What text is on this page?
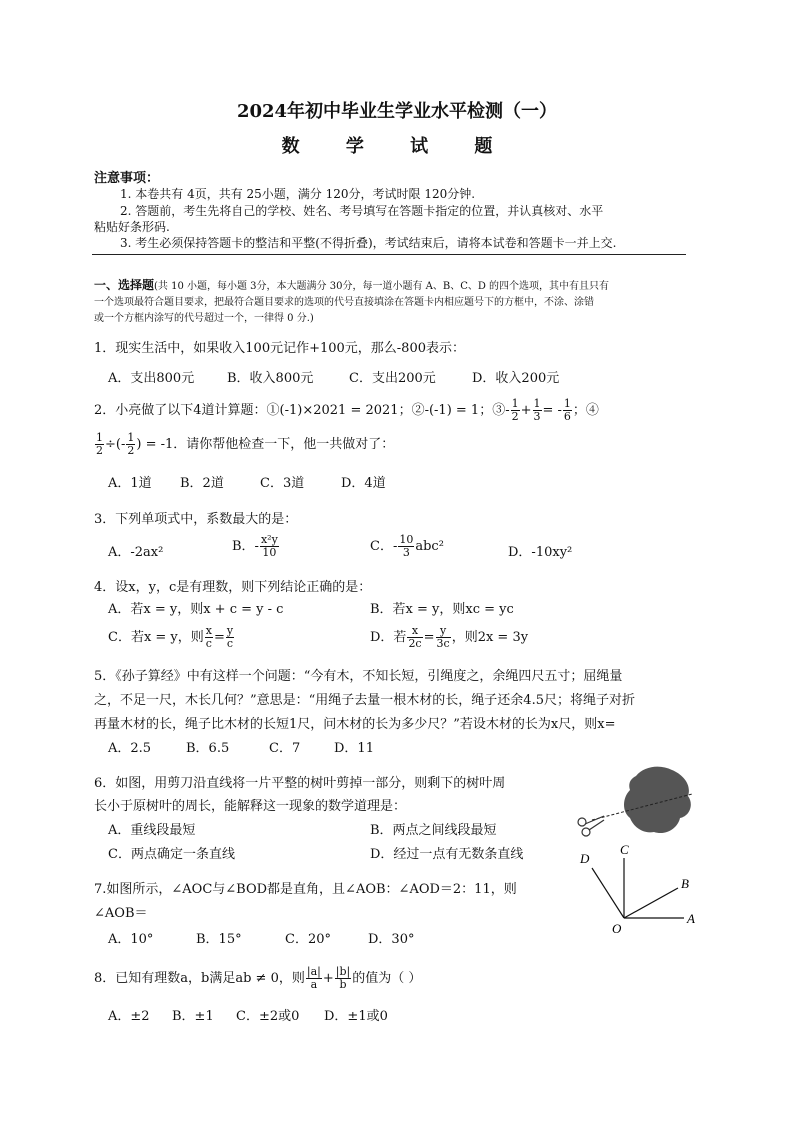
2024年初中毕业生学业水平检测（一）
数 学 试 题
注意事项：
1. 本卷共有 4页，共有 25小题，满分 120分，考试时限 120分钟.
2. 答题前，考生先将自己的学校、姓名、考号填写在答题卡指定的位置，并认真核对、水平
粘贴好条形码.
3. 考生必须保持答题卡的整洁和平整(不得折叠)，考试结束后，请将本试卷和答题卡一并上交.
一、选择题(共 10 小题，每小题 3分，本大题满分 30分，每一道小题有 A、B、C、D 的四个选项，其中有且只有
一个选项最符合题目要求，把最符合题目要求的选项的代号直接填涂在答题卡内相应题号下的方框中，不涂、涂错
或一个方框内涂写的代号超过一个，一律得 0 分.)
1．现实生活中，如果收入100元记作+100元，那么-800表示：
A．支出800元	B．收入800元	C．支出200元	D．收入200元
2．小亮做了以下4道计算题：①(-1)×2021 = 2021；②-(-1) = 1；③- $\frac{1}{2} + \frac{1}{3}$ = - $\frac{1}{6}$ ；④
$\frac{1}{2}$ ÷(- $\frac{1}{2}$ ) = -1．请你帮他检查一下，他一共做对了：
A．1道 B．2道	C．3道	D．4道
3．下列单项式中，系数最大的是：
A．-2ax²	B．- $\frac{\text{x²y}}{10}$	C．- $\frac{10}{3} abc^2$	D．-10xy²
4．设x，y，c是有理数，则下列结论正确的是：
A．若x = y，则x + c = y - c	B．若x = y，则xc = yc
C．若x = y，则 $\frac{x}{c} = \frac{y}{c}$	D．若 $\frac{x}{2c} = \frac{y}{3c}$ ，则2x = 3y
5．《孙子算经》中有这样一个问题：“今有木，不知长短，引绳度之，余绳四尺五寸；屈绳量
之，不足一尺，木长几何？”意思是：“用绳子去量一根木材的长，绳子还余4.5尺；将绳子对折
再量木材的长，绳子比木材的长短1尺，问木材的长为多少尺？”若设木材的长为x尺，则x=
A．2.5	B．6.5	C．7	D．11
6．如图，用剪刀沿直线将一片平整的树叶剪掉一部分，则剩下的树叶周
长小于原树叶的周长，能解释这一现象的数学道理是：
A．重线段最短	B．两点之间线段最短
C．两点确定一条直线	D．经过一点有无数条直线
7.如图所示，∠AOC与∠BOD都是直角，且∠AOB：∠AOD＝2：11，则
∠AOB＝
A．10°	B．15°	C．20°	D．30°
D
C
B
A
O
8．已知有理数a，b满足ab ≠ 0，则 $\frac{|a|}{a} + \frac{|b|}{b}$ 的值为（ ）
A．±2 B．±1 C．±2或0 D．±1或0
